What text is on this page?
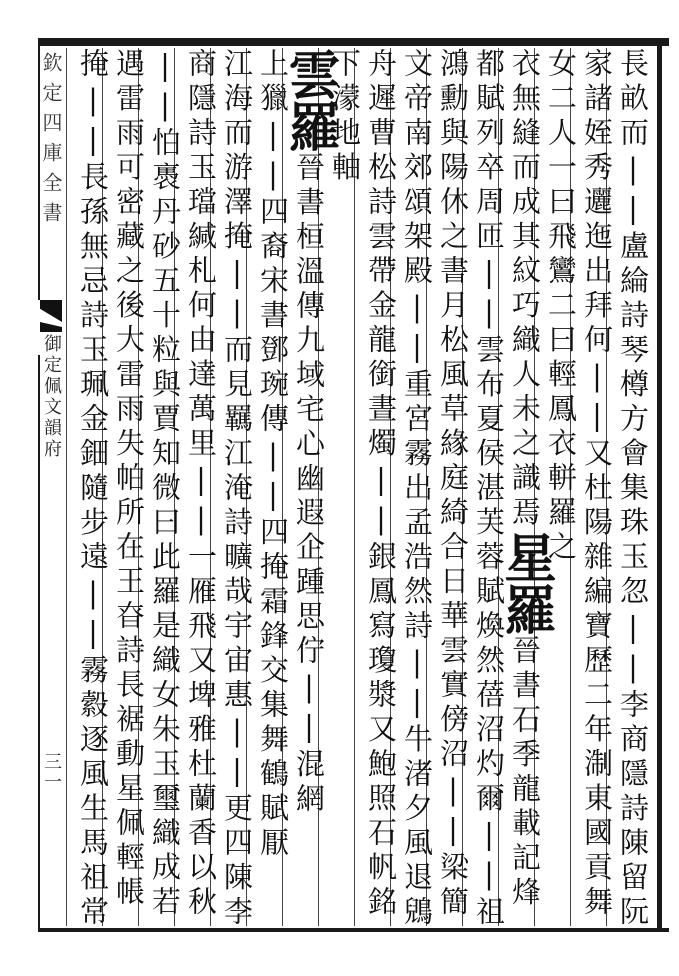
欽定四庫全書
御定佩文韻府
三一	長畝而||盧綸詩琴樽方會集珠玉忽||李商隱詩陳留阮
家諸姪秀邐迤出拜何||又杜陽雜編寶歷二年淛東國貢舞
女二人一曰飛鸞二曰輕鳳衣軿羅之
衣無縫而成其紋巧織人未之識焉星羅晉書石季龍載記烽
都賦列卒周匝||雲布夏侯湛芙蓉賦煥然蓓沼灼爾||祖
鴻勳與陽休之書月松風草緣庭綺合日華雲實傍沼||梁簡
文帝南郊頌架殿||重宮霧出孟浩然詩||牛渚夕風退鶂
舟遲曹松詩雲帶金龍銜晝燭||銀鳳寫瓊漿又鮑照石帆銘
下濛地軸
雲羅晉書桓溫傳九域宅心幽遐企踵思佇||混網
上獵||四裔宋書鄧琬傳||四掩霜鋒交集舞鶴賦厭
江海而游澤掩||而見羈江淹詩曠哉宇宙惠||更四陳李
商隱詩玉璫緘札何由達萬里||一雁飛又埤雅杜蘭香以秋
||怕褭丹砂五十粒與賈知微曰此羅是織女朱玉璽織成若
遇雷雨可密藏之後大雷雨失帕所在王昚詩長裾動星佩輕帳
掩||長孫無忌詩玉珮金鈿隨步遠||霧縠逐風生馬祖常
